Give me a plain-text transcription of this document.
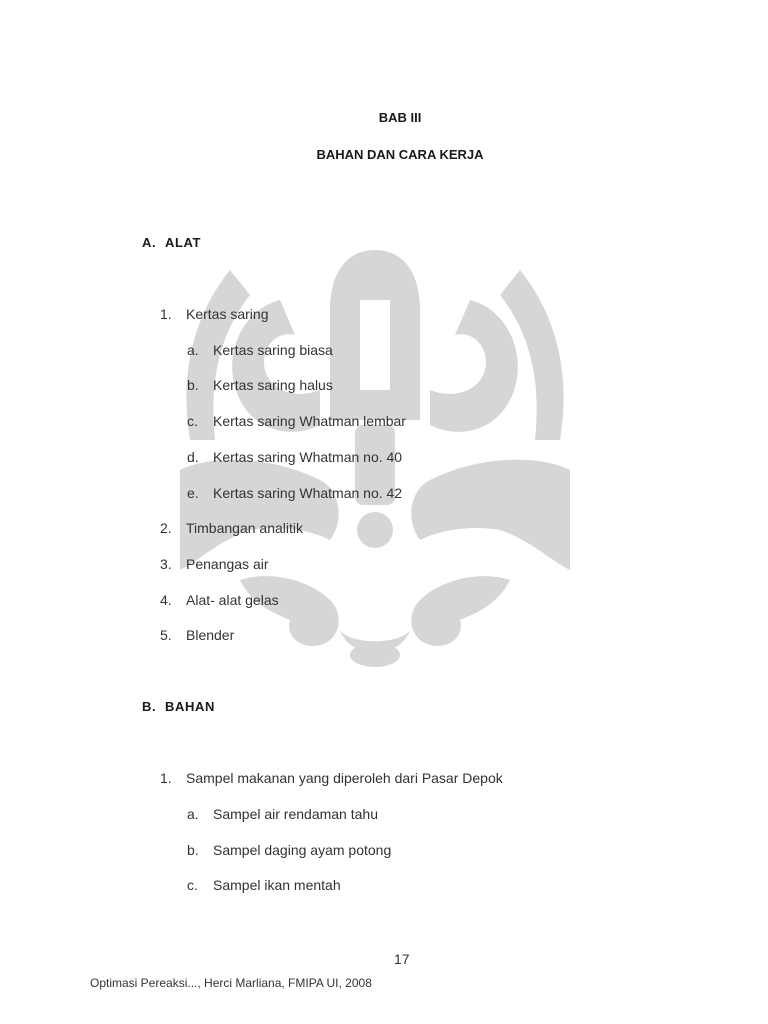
BAB III
BAHAN DAN CARA KERJA
A. ALAT
1. Kertas saring
a. Kertas saring biasa
b. Kertas saring halus
c. Kertas saring Whatman lembar
d. Kertas saring Whatman no. 40
e. Kertas saring Whatman no. 42
2. Timbangan analitik
3. Penangas air
4. Alat- alat gelas
5. Blender
B. BAHAN
1. Sampel makanan yang diperoleh dari Pasar Depok
a. Sampel air rendaman tahu
b. Sampel daging ayam potong
c. Sampel ikan mentah
17
Optimasi Pereaksi..., Herci Marliana, FMIPA UI, 2008
